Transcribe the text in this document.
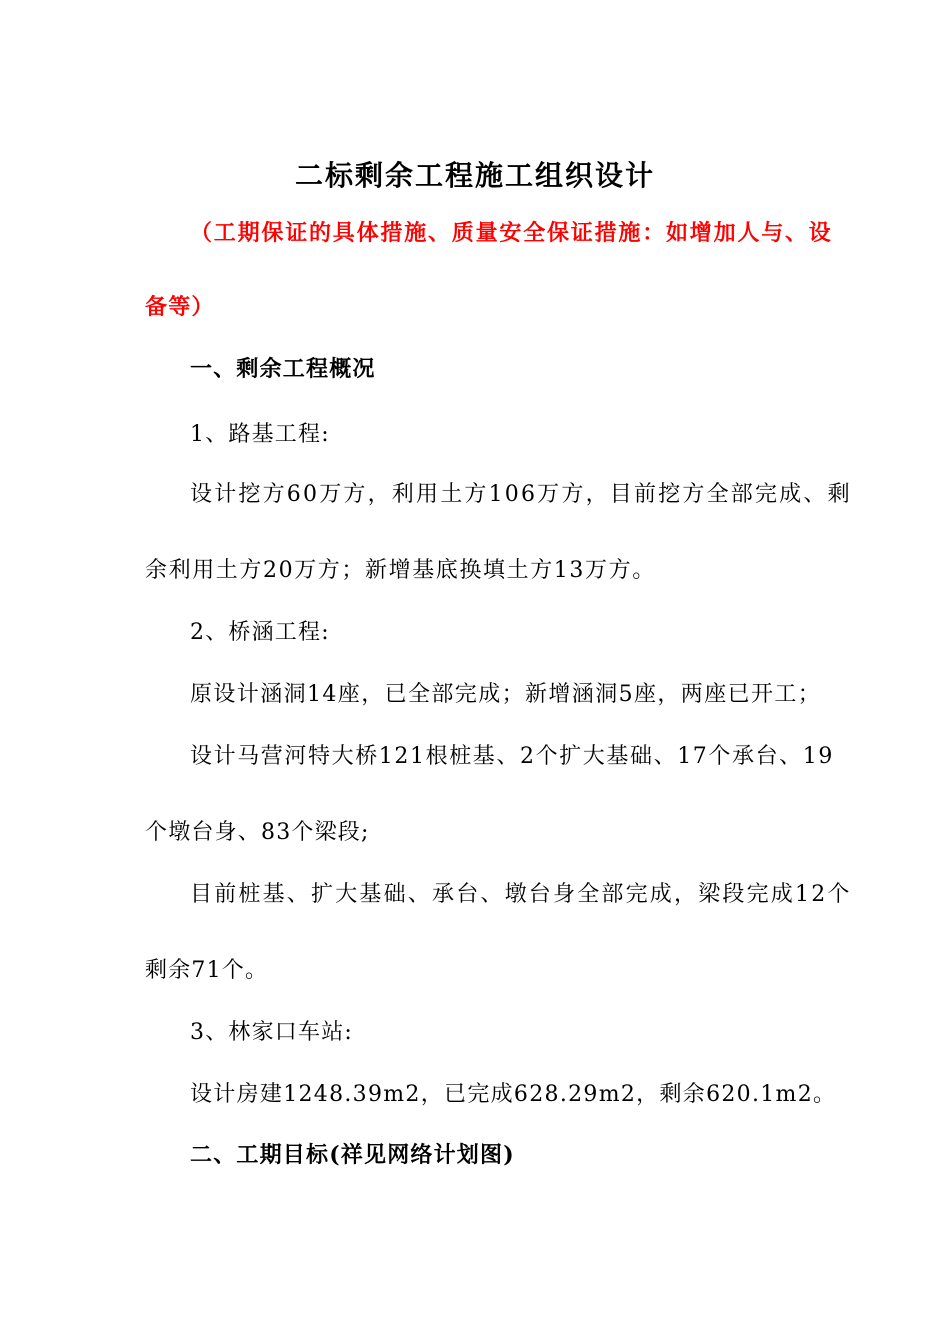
二标剩余工程施工组织设计

（工期保证的具体措施、质量安全保证措施：如增加人与、设

备等）

一、剩余工程概况

1、路基工程:

设计挖方60万方，利用土方106万方，目前挖方全部完成、剩

余利用土方20万方；新增基底换填土方13万方。

2、桥涵工程:

原设计涵洞14座，已全部完成；新增涵洞5座，两座已开工；

设计马营河特大桥121根桩基、2个扩大基础、17个承台、19

个墩台身、83个梁段;

目前桩基、扩大基础、承台、墩台身全部完成，梁段完成12个

剩余71个。

3、林家口车站:

设计房建1248.39m2，已完成628.29m2，剩余620.1m2。

二、工期目标(祥见网络计划图)
